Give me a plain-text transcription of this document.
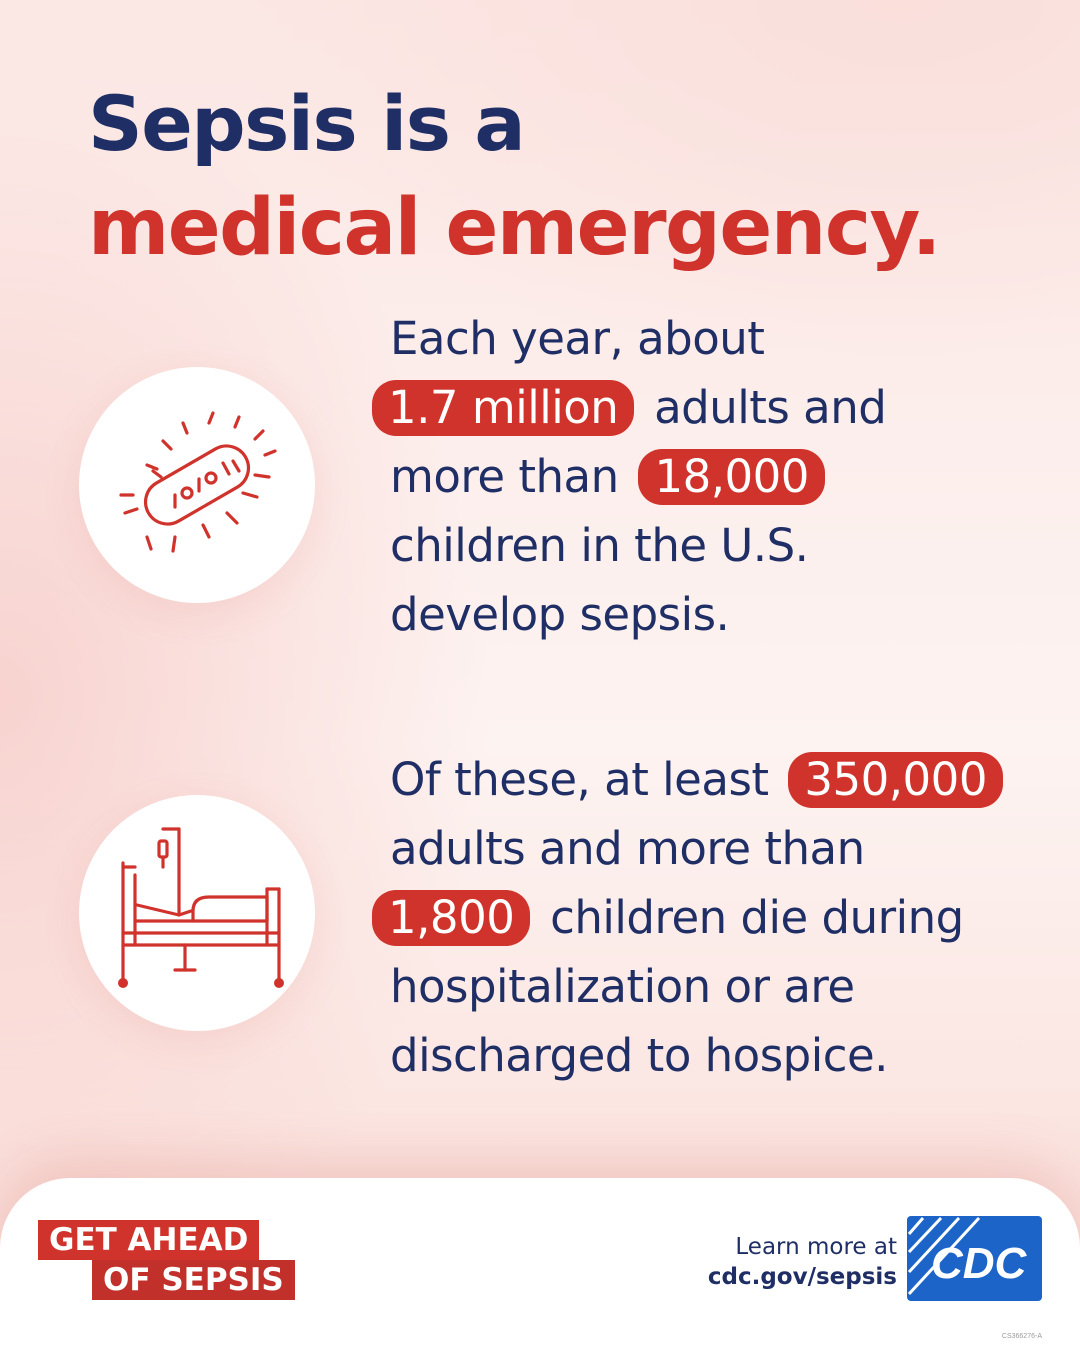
Sepsis is a
medical emergency.

Each year, about
1.7 million adults and
more than 18,000
children in the U.S.
develop sepsis.

Of these, at least 350,000
adults and more than
1,800 children die during
hospitalization or are
discharged to hospice.

GET AHEAD
OF SEPSIS
Learn more at
cdc.gov/sepsis CDC
CS366276-A
